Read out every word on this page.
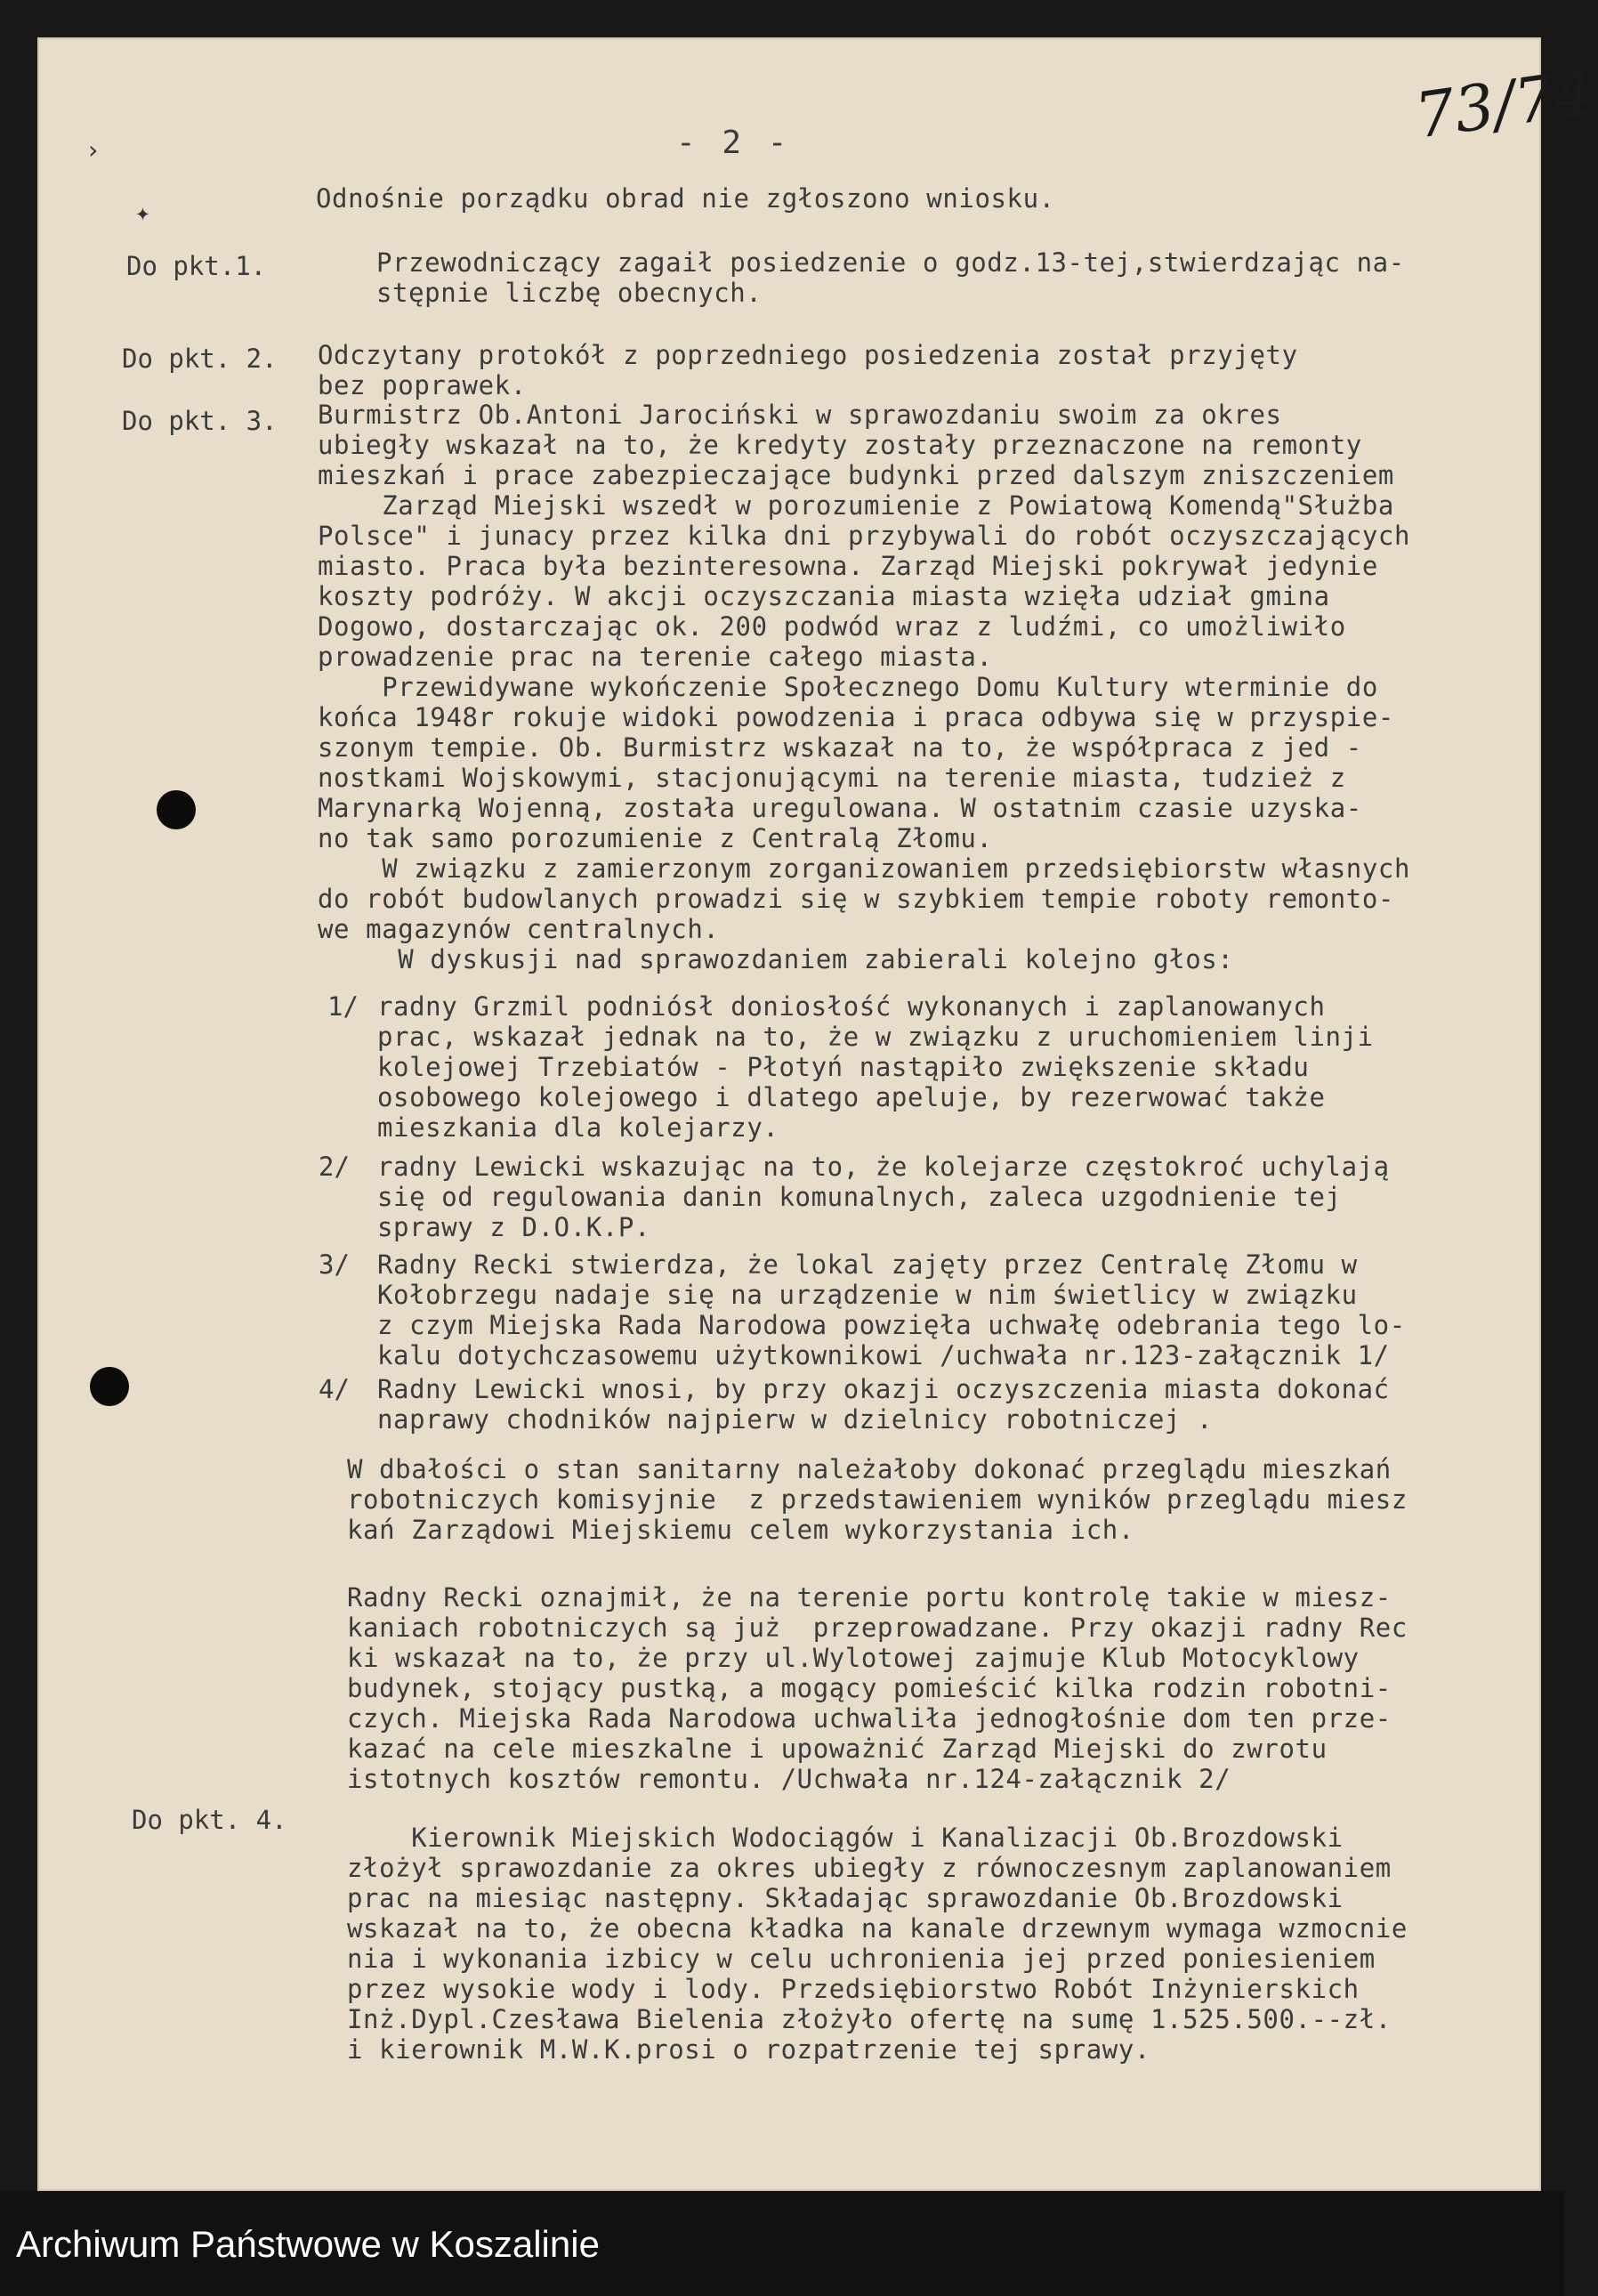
›
✦
- 2 -	73/74
Odnośnie porządku obrad nie zgłoszono wniosku.
Do pkt.1.	Przewodniczący zagaił posiedzenie o godz.13-tej,stwierdzając na-
stępnie liczbę obecnych.
Do pkt. 2. Odczytany protokół z poprzedniego posiedzenia został przyjęty
bez poprawek.
Do pkt. 3. Burmistrz Ob.Antoni Jarociński w sprawozdaniu swoim za okres
ubiegły wskazał na to, że kredyty zostały przeznaczone na remonty
mieszkań i prace zabezpieczające budynki przed dalszym zniszczeniem
Zarząd Miejski wszedł w porozumienie z Powiatową Komendą"Służba
Polsce" i junacy przez kilka dni przybywali do robót oczyszczających
miasto. Praca była bezinteresowna. Zarząd Miejski pokrywał jedynie
koszty podróży. W akcji oczyszczania miasta wzięła udział gmina
Dogowo, dostarczając ok. 200 podwód wraz z ludźmi, co umożliwiło
prowadzenie prac na terenie całego miasta.
Przewidywane wykończenie Społecznego Domu Kultury wterminie do
końca 1948r rokuje widoki powodzenia i praca odbywa się w przyspie-
szonym tempie. Ob. Burmistrz wskazał na to, że współpraca z jed -
nostkami Wojskowymi, stacjonującymi na terenie miasta, tudzież z
Marynarką Wojenną, została uregulowana. W ostatnim czasie uzyska-
no tak samo porozumienie z Centralą Złomu.
W związku z zamierzonym zorganizowaniem przedsiębiorstw własnych
do robót budowlanych prowadzi się w szybkiem tempie roboty remonto-
we magazynów centralnych.
W dyskusji nad sprawozdaniem zabierali kolejno głos:
1/ radny Grzmil podniósł doniosłość wykonanych i zaplanowanych
prac, wskazał jednak na to, że w związku z uruchomieniem linji
kolejowej Trzebiatów - Płotyń nastąpiło zwiększenie składu
osobowego kolejowego i dlatego apeluje, by rezerwować także
mieszkania dla kolejarzy.
2/ radny Lewicki wskazując na to, że kolejarze częstokroć uchylają
się od regulowania danin komunalnych, zaleca uzgodnienie tej
sprawy z D.O.K.P.
3/ Radny Recki stwierdza, że lokal zajęty przez Centralę Złomu w
Kołobrzegu nadaje się na urządzenie w nim świetlicy w związku
z czym Miejska Rada Narodowa powzięła uchwałę odebrania tego lo-
kalu dotychczasowemu użytkownikowi /uchwała nr.123-załącznik 1/
4/ Radny Lewicki wnosi, by przy okazji oczyszczenia miasta dokonać
naprawy chodników najpierw w dzielnicy robotniczej .
W dbałości o stan sanitarny należałoby dokonać przeglądu mieszkań
robotniczych komisyjnie  z przedstawieniem wyników przeglądu miesz
kań Zarządowi Miejskiemu celem wykorzystania ich.
Radny Recki oznajmił, że na terenie portu kontrolę takie w miesz-
kaniach robotniczych są już  przeprowadzane. Przy okazji radny Rec
ki wskazał na to, że przy ul.Wylotowej zajmuje Klub Motocyklowy
budynek, stojący pustką, a mogący pomieścić kilka rodzin robotni-
czych. Miejska Rada Narodowa uchwaliła jednogłośnie dom ten prze-
kazać na cele mieszkalne i upoważnić Zarząd Miejski do zwrotu
istotnych kosztów remontu. /Uchwała nr.124-załącznik 2/
Do pkt. 4.
Kierownik Miejskich Wodociągów i Kanalizacji Ob.Brozdowski
złożył sprawozdanie za okres ubiegły z równoczesnym zaplanowaniem
prac na miesiąc następny. Składając sprawozdanie Ob.Brozdowski
wskazał na to, że obecna kładka na kanale drzewnym wymaga wzmocnie
nia i wykonania izbicy w celu uchronienia jej przed poniesieniem
przez wysokie wody i lody. Przedsiębiorstwo Robót Inżynierskich
Inż.Dypl.Czesława Bielenia złożyło ofertę na sumę 1.525.500.--zł.
i kierownik M.W.K.prosi o rozpatrzenie tej sprawy.
Archiwum Państwowe w Koszalinie
